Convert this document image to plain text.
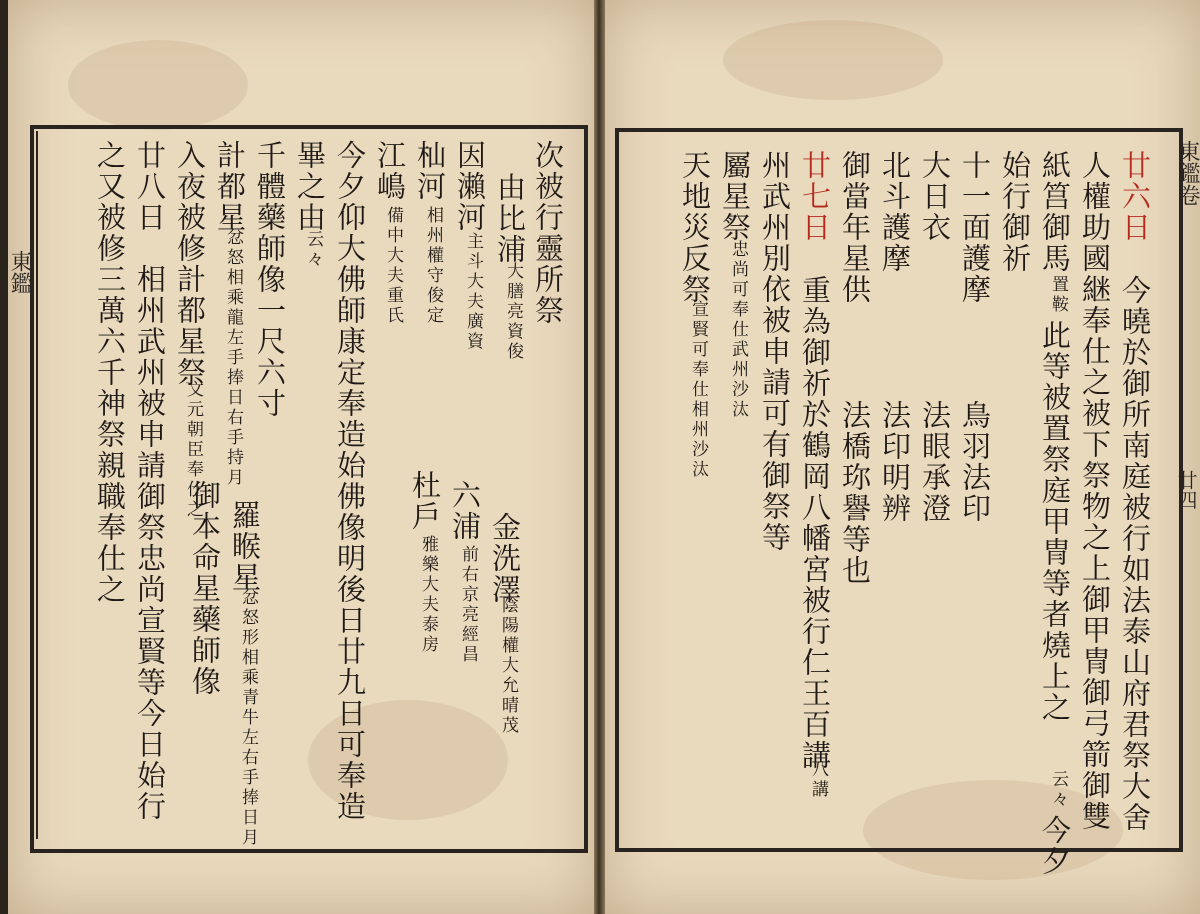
次被行靈所祭
由比浦
大膳亮資俊
因瀨河
主斗大夫廣資
杣河
相州權守俊定
江嶋
備中大夫重氏
今夕仰大佛師康定奉造始佛像明後日廿九日可奉造
畢之由
云々
千體藥師像一尺六寸
計都星
忿怒相乘龍左手捧日右手持月
入夜被修計都星祭
文元朝臣奉仕之
廿八日　相州武州被申請御祭忠尚宣賢等今日始行
之又被修三萬六千神祭親職奉仕之	金洗澤
陰陽權大允晴茂
六浦
前右京亮經昌
杜戶
雅樂大夫泰房
羅睺星
忿怒形相乘青牛左右手捧日月
御本命星藥師像
廿六日
今曉於御所南庭被行如法泰山府君祭大舍
人權助國継奉仕之被下祭物之上御甲冑御弓箭御雙
紙筥御馬
置鞍
此等被置祭庭甲冑等者燒上之
云々
今夕
始行御祈
十一面護摩
鳥羽法印
大日衣
法眼承澄
北斗護摩
法印明辨
御當年星供
法橋珎譽等也
廿七日
重為御祈於鶴岡八幡宮被行仁王百講
八講
州武州別依被申請可有御祭等
屬星祭
忠尚可奉仕武州沙汰
天地災反祭
宣賢可奉仕相州沙汰
東鑑
東鑑卷
廿四
